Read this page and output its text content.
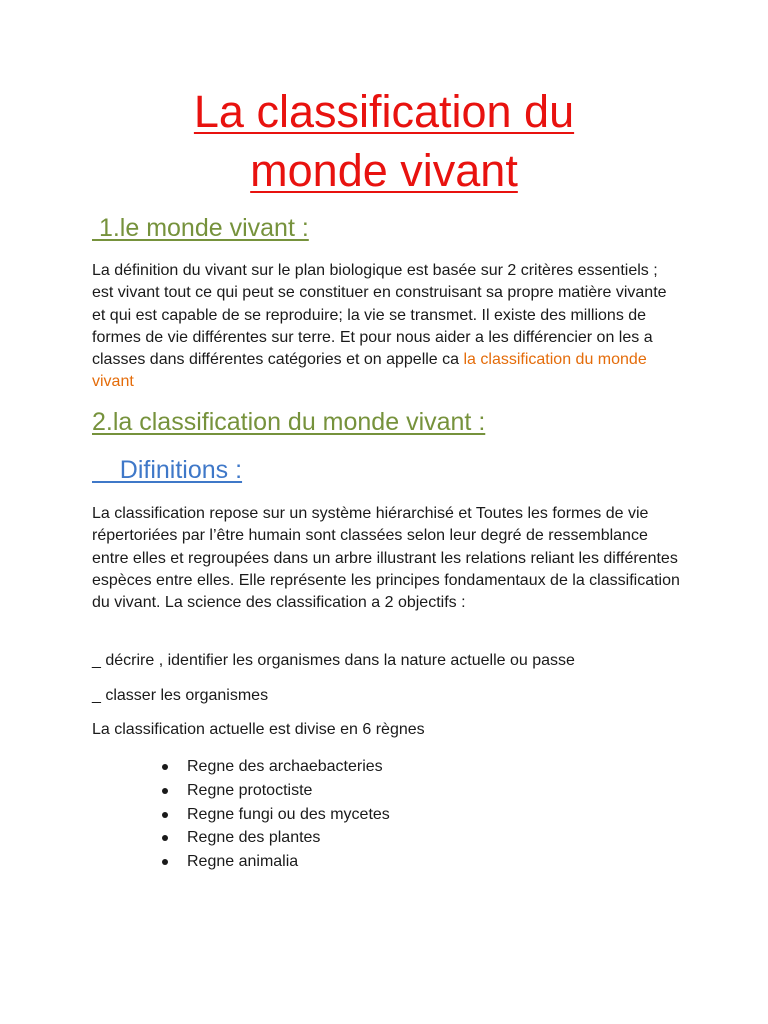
La classification du
monde vivant
1.le monde vivant :

La définition du vivant sur le plan biologique est basée sur 2 critères essentiels ; est vivant tout ce qui peut se constituer en construisant sa propre matière vivante et qui est capable de se reproduire; la vie se transmet. Il existe des millions de formes de vie différentes sur terre. Et pour nous aider a les différencier on les a classes dans différentes catégories et on appelle ca la classification du monde vivant

2.la classification du monde vivant :
Difinitions :

La classification repose sur un système hiérarchisé et Toutes les formes de vie répertoriées par l’être humain sont classées selon leur degré de ressemblance entre elles et regroupées dans un arbre illustrant les relations reliant les différentes espèces entre elles. Elle représente les principes fondamentaux de la classification du vivant. La science des classification a 2 objectifs :

_ décrire , identifier les organismes dans la nature actuelle ou passe

_ classer les organismes

La classification actuelle est divise en 6 règnes

Regne des archaebacteries
Regne protoctiste
Regne fungi ou des mycetes
Regne des plantes
Regne animalia
